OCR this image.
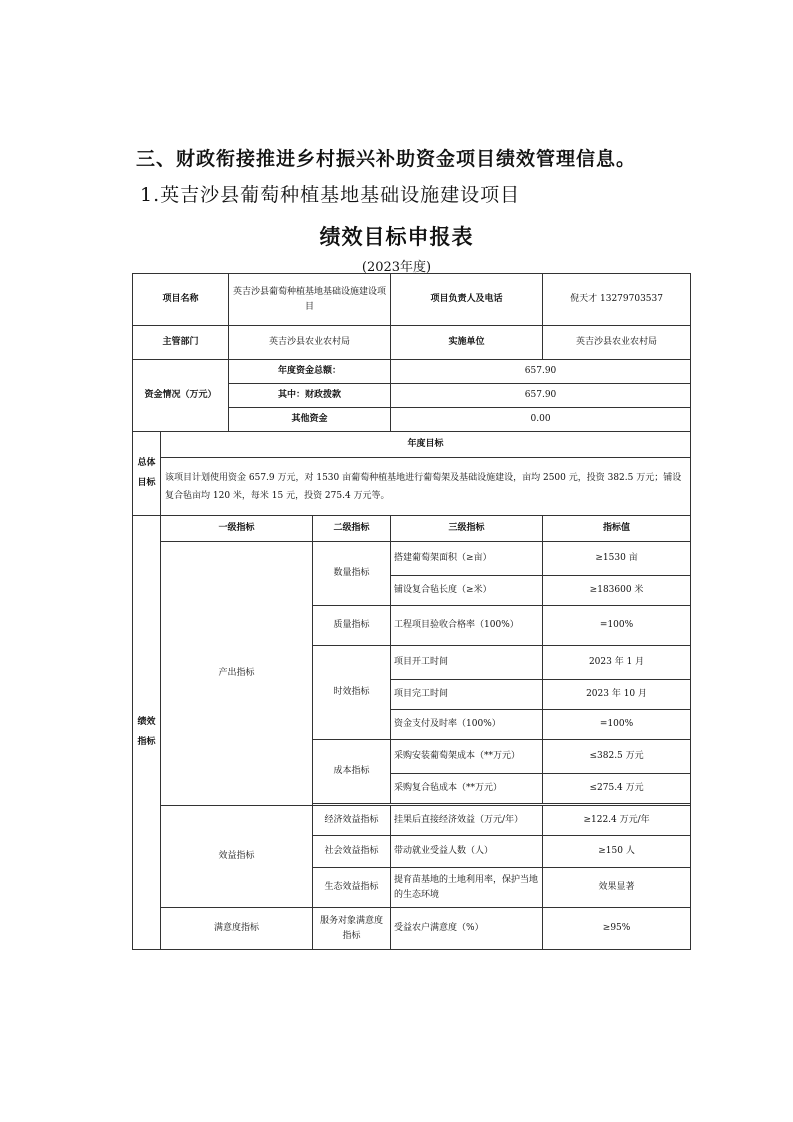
三、财政衔接推进乡村振兴补助资金项目绩效管理信息。
1.英吉沙县葡萄种植基地基础设施建设项目
绩效目标申报表
(2023年度)
项目名称		英吉沙县葡萄种植基地基础设施建设项目		项目负责人及电话	倪天才 13279703537
主管部门		英吉沙县农业农村局		实施单位	英吉沙县农业农村局
资金情况（万元）		年度资金总额：		657.90	
		其中：财政拨款		657.90	
		其他资金		0.00	
总体目标	年度目标				
	该项目计划使用资金 657.9 万元，对 1530 亩葡萄种植基地进行葡萄架及基础设施建设，亩均 2500 元，投资 382.5 万元；铺设复合毡亩均 120 米，每米 15 元，投资 275.4 万元等。				
绩效指标	一级指标		二级指标	三级指标	指标值
	产出指标		数量指标	搭建葡萄架面积（≥亩）	≥1530 亩
				铺设复合毡长度（≥米）	≥183600 米
			质量指标	工程项目验收合格率（100%）	=100%
			时效指标	项目开工时间	2023 年 1 月
				项目完工时间	2023 年 10 月
				资金支付及时率（100%）	=100%
			成本指标	采购安装葡萄架成本（**万元）	≤382.5 万元
				采购复合毡成本（**万元）	≤275.4 万元

	效益指标		经济效益指标	挂果后直接经济效益（万元/年）	≥122.4 万元/年
			社会效益指标	带动就业受益人数（人）	≥150 人
			生态效益指标	提育苗基地的土地利用率，保护当地的生态环境	效果显著
	满意度指标		服务对象满意度指标	受益农户满意度（%）	≥95%
